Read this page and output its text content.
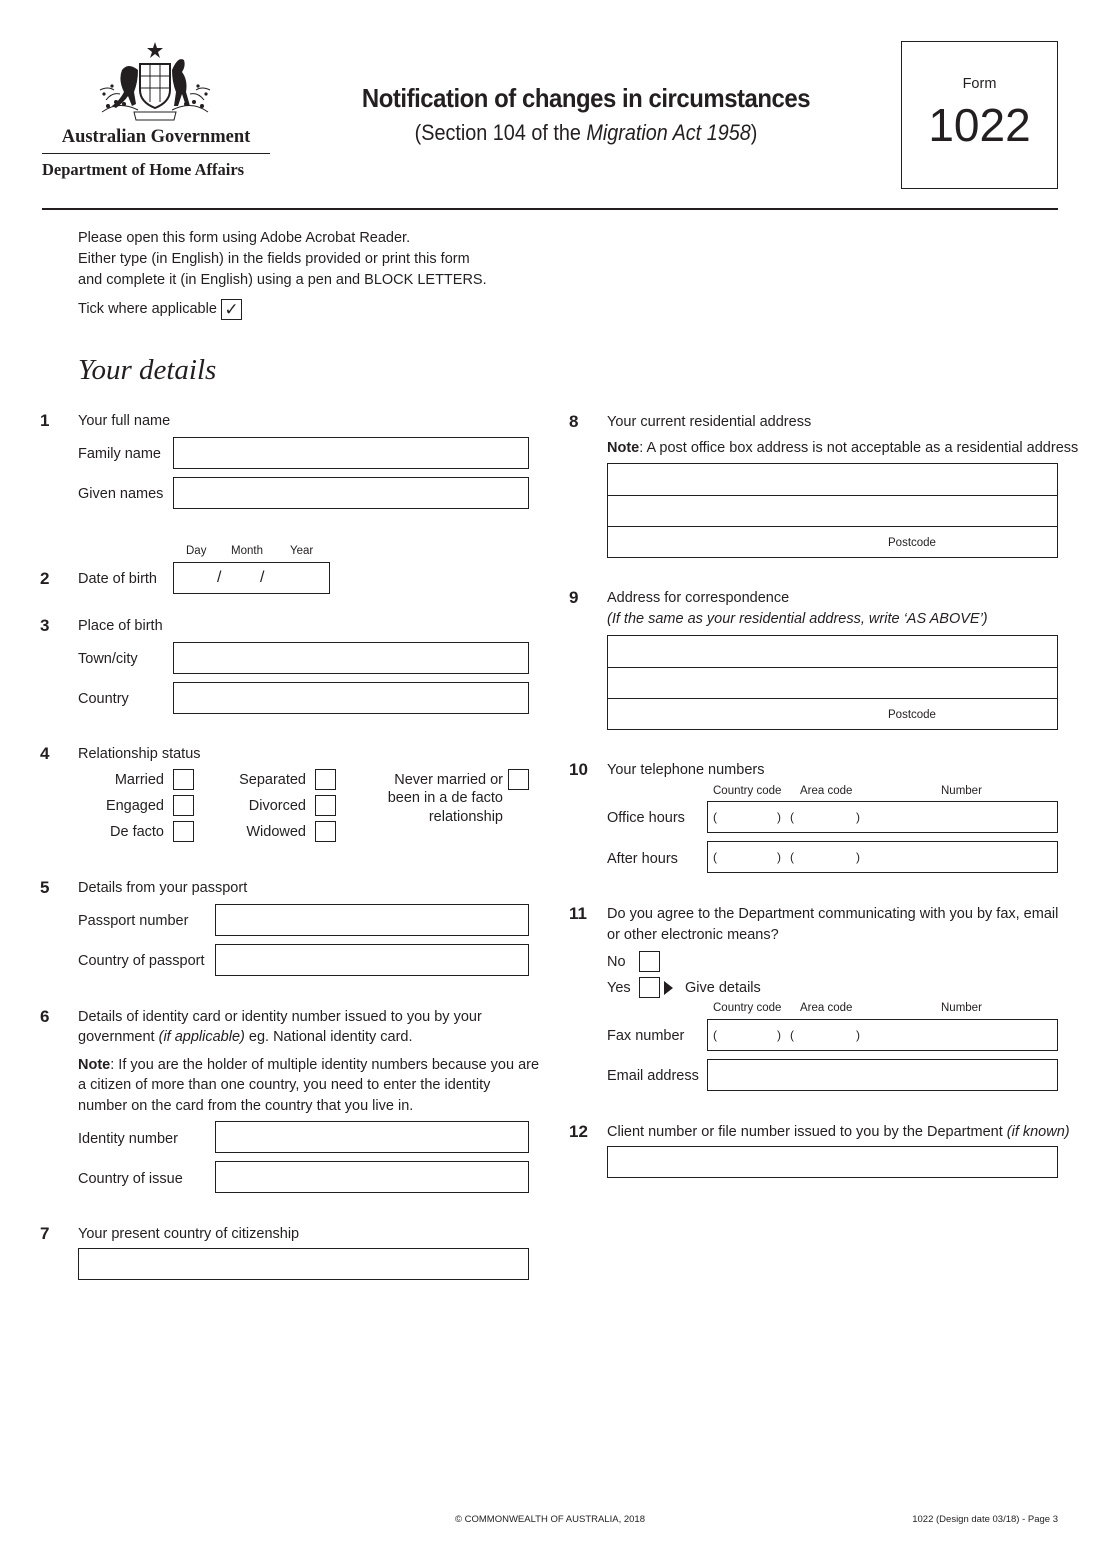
Australian Government
Department of Home Affairs
Notification of changes in circumstances
(Section 104 of the Migration Act 1958)
Form
1022
Please open this form using Adobe Acrobat Reader.
Either type (in English) in the fields provided or print this form
and complete it (in English) using a pen and BLOCK LETTERS.
Tick where applicable ✓
Your details
1 Your full name
Family name
Given names
Day Month Year
2 Date of birth	/ /
3 Place of birth
Town/city
Country
4 Relationship status
Married
Engaged
De facto
Separated
Divorced
Widowed
Never married or
been in a de facto
relationship
5 Details from your passport
Passport number
Country of passport
6 Details of identity card or identity number issued to you by your
government (if applicable) eg. National identity card.
Note: If you are the holder of multiple identity numbers because you are
a citizen of more than one country, you need to enter the identity
number on the card from the country that you live in.
Identity number
Country of issue
7 Your present country of citizenship
8 Your current residential address
Note: A post office box address is not acceptable as a residential address
Postcode
9 Address for correspondence
(If the same as your residential address, write ‘AS ABOVE’)
Postcode
10 Your telephone numbers
Country code Area code	Number
Office hours (	) (	)
After hours	(	) (	)
11 Do you agree to the Department communicating with you by fax, email
or other electronic means?
No
Yes	Give details
Country code Area code	Number
Fax number (	) (	)
Email address
12 Client number or file number issued to you by the Department (if known)
© COMMONWEALTH OF AUSTRALIA, 2018	1022 (Design date 03/18) - Page 3
